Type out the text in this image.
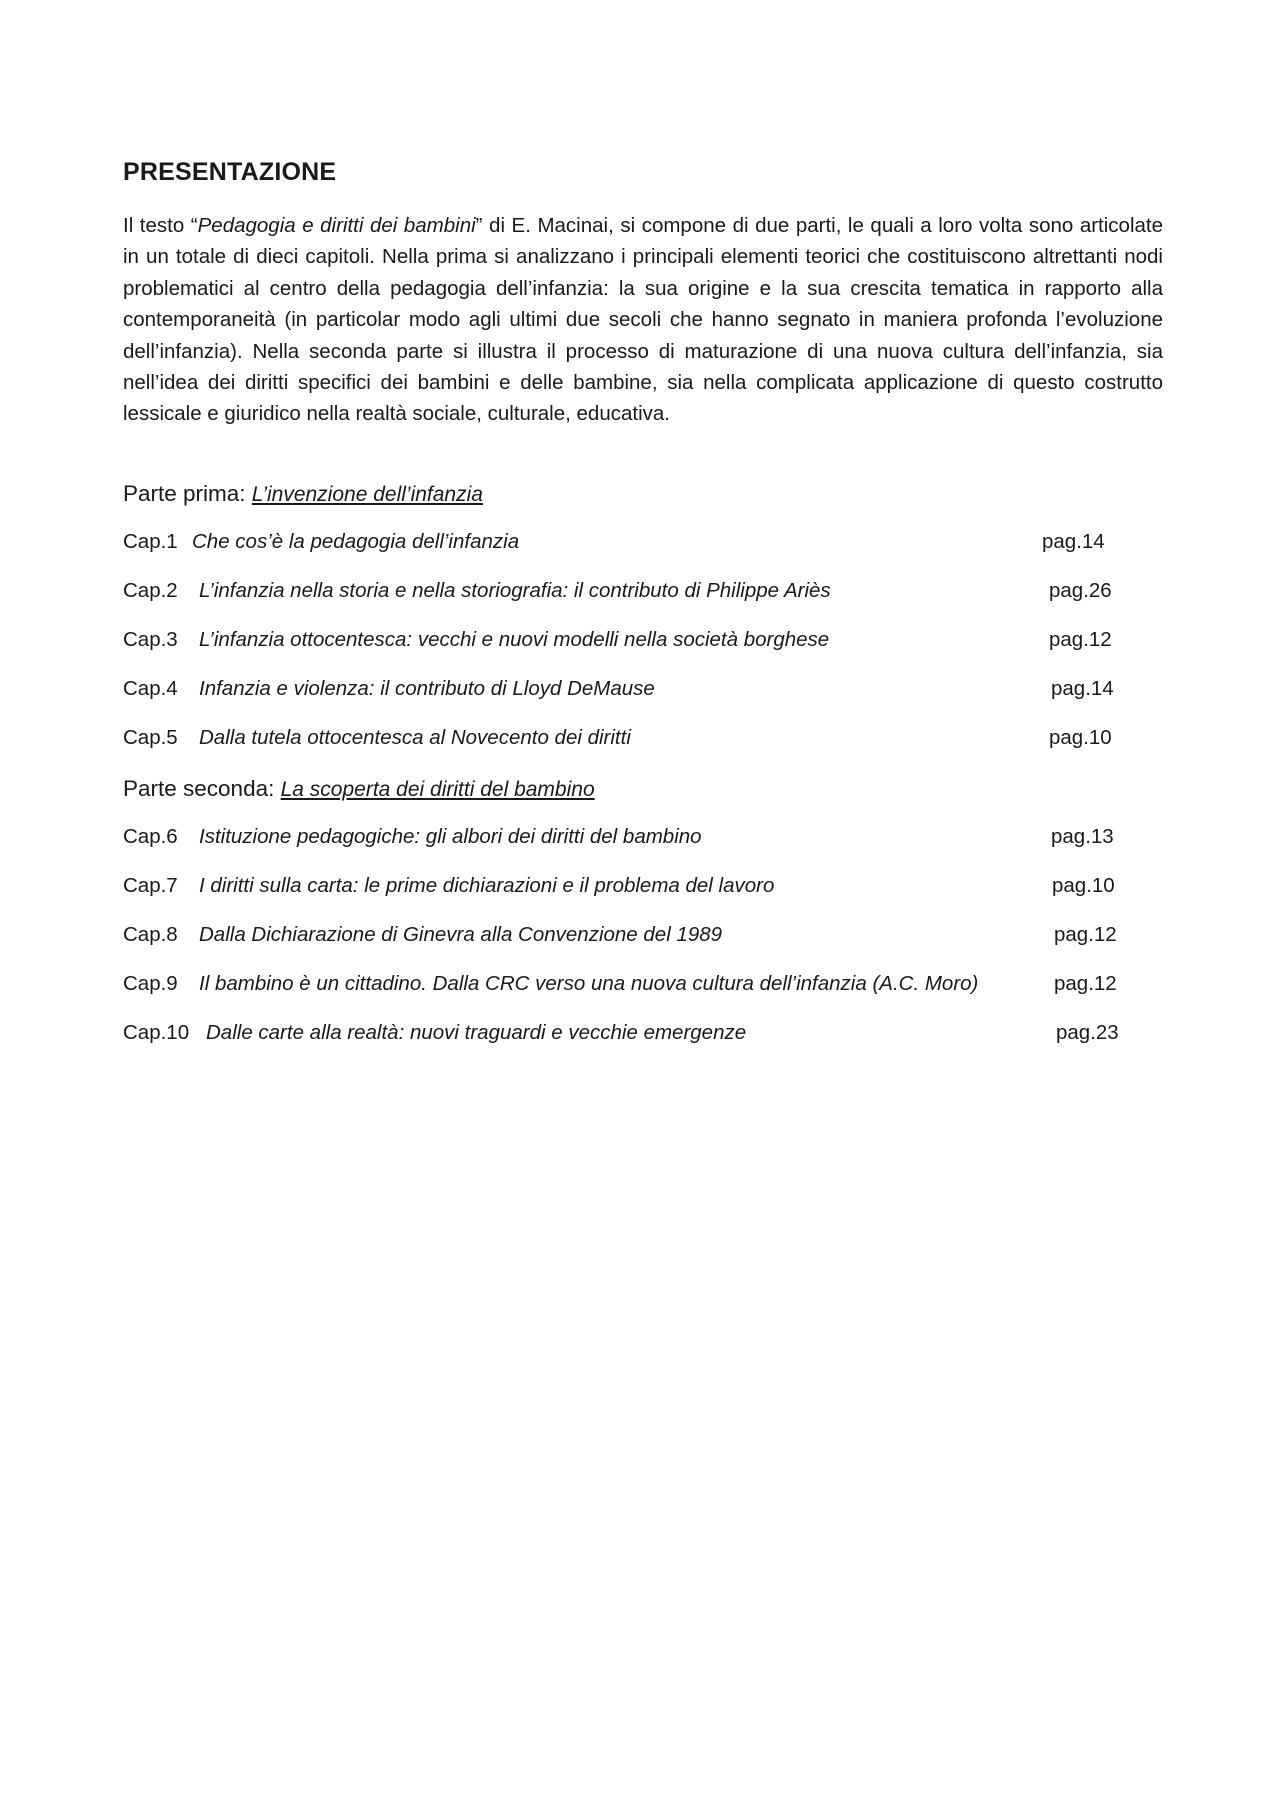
PRESENTAZIONE

Il testo “Pedagogia e diritti dei bambini” di E. Macinai, si compone di due parti, le quali a loro volta sono articolate in un totale di dieci capitoli. Nella prima si analizzano i principali elementi teorici che costituiscono altrettanti nodi problematici al centro della pedagogia dell’infanzia: la sua origine e la sua crescita tematica in rapporto alla contemporaneità (in particolar modo agli ultimi due secoli che hanno segnato in maniera profonda l’evoluzione dell’infanzia). Nella seconda parte si illustra il processo di maturazione di una nuova cultura dell’infanzia, sia nell’idea dei diritti specifici dei bambini e delle bambine, sia nella complicata applicazione di questo costrutto lessicale e giuridico nella realtà sociale, culturale, educativa.

Parte prima: L’invenzione dell’infanzia
Cap.1 Che cos’è la pedagogia dell’infanzia	pag.14
Cap.2 L’infanzia nella storia e nella storiografia: il contributo di Philippe Ariès	pag.26
Cap.3 L’infanzia ottocentesca: vecchi e nuovi modelli nella società borghese	pag.12
Cap.4 Infanzia e violenza: il contributo di Lloyd DeMause	pag.14
Cap.5 Dalla tutela ottocentesca al Novecento dei diritti	pag.10
Parte seconda: La scoperta dei diritti del bambino
Cap.6 Istituzione pedagogiche: gli albori dei diritti del bambino	pag.13
Cap.7 I diritti sulla carta: le prime dichiarazioni e il problema del lavoro	pag.10
Cap.8 Dalla Dichiarazione di Ginevra alla Convenzione del 1989	pag.12
Cap.9 Il bambino è un cittadino. Dalla CRC verso una nuova cultura dell’infanzia (A.C. Moro)	pag.12
Cap.10 Dalle carte alla realtà: nuovi traguardi e vecchie emergenze	pag.23
